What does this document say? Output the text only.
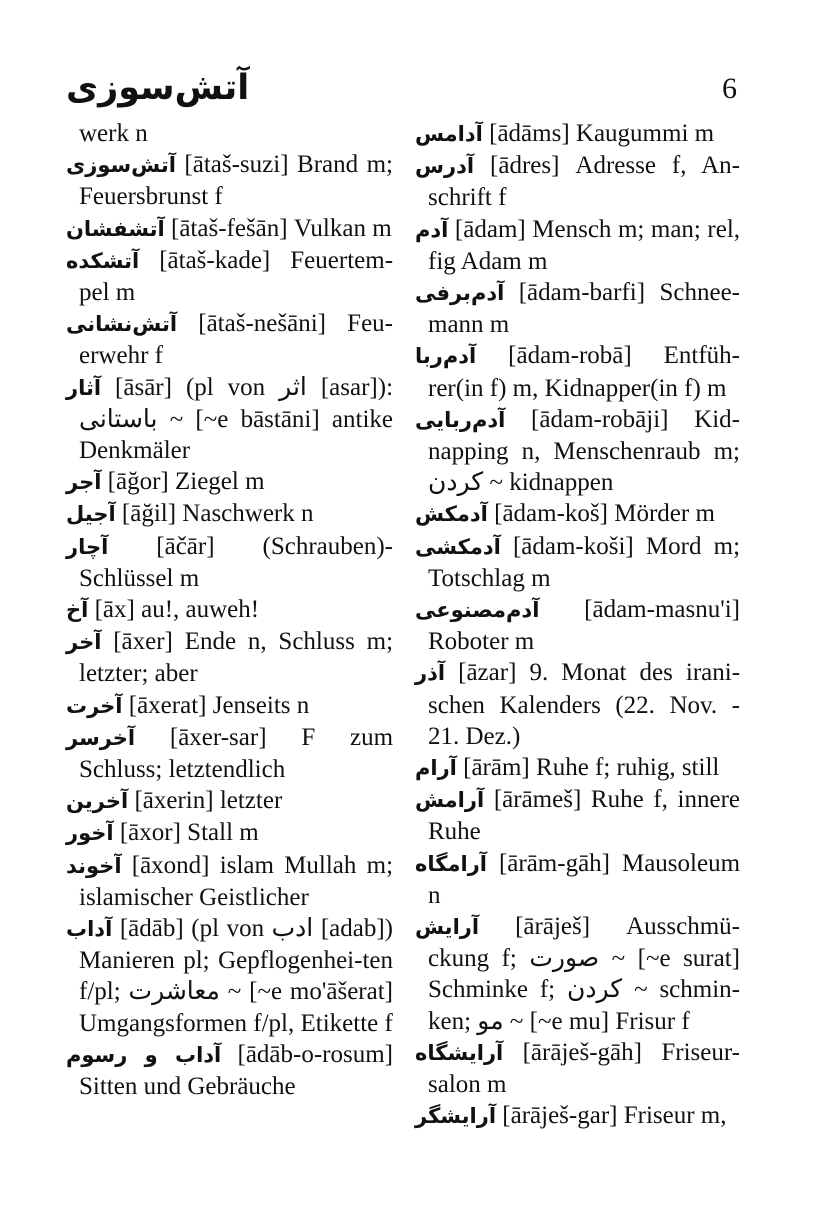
آتش‌سوزی	6

werk n

آتش‌سوزی [ātaš-suzi] Brand m; Feuersbrunst f

آتشفشان [ātaš-fešān] Vulkan m

آتشکده [ātaš-kade] Feuertem-pel m

آتش‌نشانی [ātaš-nešāni] Feu-erwehr f

آثار [āsār] (pl von اثر [asar]): باستانی ~ [~e bāstāni] antike Denkmäler

آجر [āğor] Ziegel m

آجیل [āğil] Naschwerk n

آچار [āčār] (Schrauben)-Schlüssel m

آخ [āx] au!, auweh!

آخر [āxer] Ende n, Schluss m; letzter; aber

آخرت [āxerat] Jenseits n

آخرسر [āxer-sar] F zum Schluss; letztendlich

آخرین [āxerin] letzter

آخور [āxor] Stall m

آخوند [āxond] islam Mullah m; islamischer Geistlicher

آداب [ādāb] (pl von ادب [adab]) Manieren pl; Gepflogenhei-ten f/pl; معاشرت ~ [~e mo'āšerat] Umgangsformen f/pl, Etikette f

آداب و رسوم [ādāb-o-rosum] Sitten und Gebräuche

آدامس [ādāms] Kaugummi m

آدرس [ādres] Adresse f, An-schrift f

آدم [ādam] Mensch m; man; rel, fig Adam m

آدم‌برفی [ādam-barfi] Schnee-mann m

آدم‌ربا [ādam-robā] Entfüh-rer(in f) m, Kidnapper(in f) m

آدم‌ربایی [ādam-robāji] Kid-napping n, Menschenraub m; کردن ~ kidnappen

آدمکش [ādam-koš] Mörder m

آدمکشی [ādam-koši] Mord m; Totschlag m

آدم‌مصنوعی [ādam-masnu'i] Roboter m

آذر [āzar] 9. Monat des irani-schen Kalenders (22. Nov. - 21. Dez.)

آرام [ārām] Ruhe f; ruhig, still

آرامش [ārāmeš] Ruhe f, innere Ruhe

آرامگاه [ārām-gāh] Mausoleum n

آرایش [ārāješ] Ausschmü-ckung f; صورت ~ [~e surat] Schminke f; کردن ~ schmin-ken; مو ~ [~e mu] Frisur f

آرایشگاه [ārāješ-gāh] Friseur-salon m

آرایشگر [ārāješ-gar] Friseur m,
